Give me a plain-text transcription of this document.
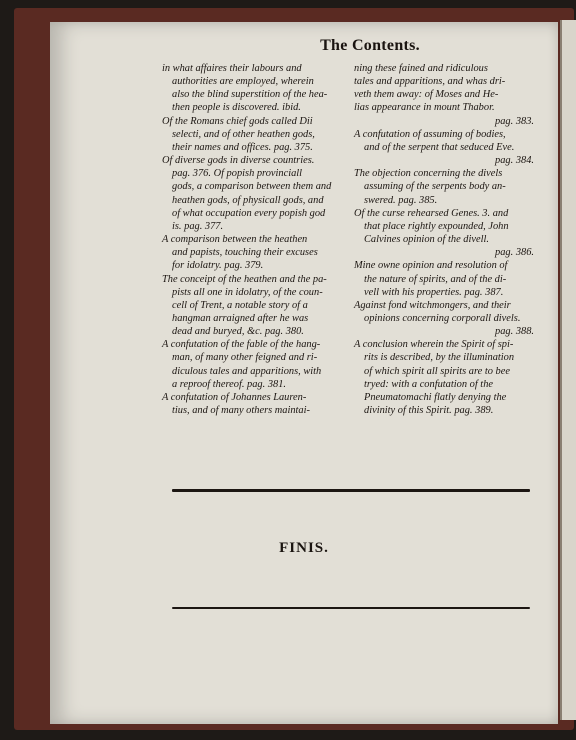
The Contents.
in what affaires their labours and
authorities are employed, wherein
also the blind superstition of the hea-
then people is discovered. ibid.
Of the Romans chief gods called Dii
selecti, and of other heathen gods,
their names and offices. pag. 375.
Of diverse gods in diverse countries.
pag. 376. Of popish provinciall
gods, a comparison between them and
heathen gods, of physicall gods, and
of what occupation every popish god
is. pag. 377.
A comparison between the heathen
and papists, touching their excuses
for idolatry. pag. 379.
The conceipt of the heathen and the pa-
pists all one in idolatry, of the coun-
cell of Trent, a notable story of a
hangman arraigned after he was
dead and buryed, &c. pag. 380.
A confutation of the fable of the hang-
man, of many other feigned and ri-
diculous tales and apparitions, with
a reproof thereof. pag. 381.
A confutation of Johannes Lauren-
tius, and of many others maintai-
ning these fained and ridiculous
tales and apparitions, and whas dri-
veth them away: of Moses and He-
lias appearance in mount Thabor.
pag. 383.
A confutation of assuming of bodies,
and of the serpent that seduced Eve.
pag. 384.
The objection concerning the divels
assuming of the serpents body an-
swered. pag. 385.
Of the curse rehearsed Genes. 3. and
that place rightly expounded, John
Calvines opinion of the divell.
pag. 386.
Mine owne opinion and resolution of
the nature of spirits, and of the di-
vell with his properties. pag. 387.
Against fond witchmongers, and their
opinions concerning corporall divels.
pag. 388.
A conclusion wherein the Spirit of spi-
rits is described, by the illumination
of which spirit all spirits are to bee
tryed: with a confutation of the
Pneumatomachi flatly denying the
divinity of this Spirit. pag. 389.
FINIS.
